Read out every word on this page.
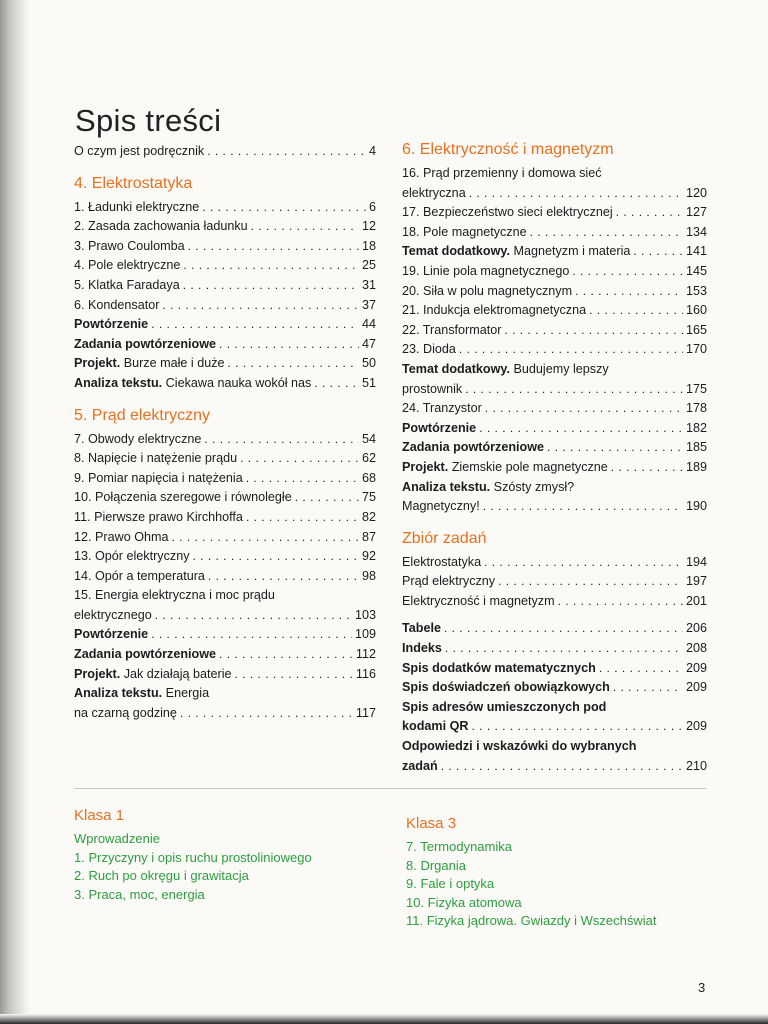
Spis treści
O czym jest podręcznik . . .	4
4. Elektrostatyka
1. Ładunki elektryczne . . .	6
2. Zasada zachowania ładunku . . .	12
3. Prawo Coulomba . . .	18
4. Pole elektryczne . . .	25
5. Klatka Faradaya . . .	31
6. Kondensator . . .	37
Powtórzenie . . .	44
Zadania powtórzeniowe . . .	47
Projekt. Burze małe i duże . . .	50
Analiza tekstu. Ciekawa nauka wokół nas . . .	51
5. Prąd elektryczny
7. Obwody elektryczne . . .	54
8. Napięcie i natężenie prądu . . .	62
9. Pomiar napięcia i natężenia . . .	68
10. Połączenia szeregowe i równoległe . . .	75
11. Pierwsze prawo Kirchhoffa . . .	82
12. Prawo Ohma . . .	87
13. Opór elektryczny . . .	92
14. Opór a temperatura . . .	98
15. Energia elektryczna i moc prądu
elektrycznego . . .	103
Powtórzenie . . .	109
Zadania powtórzeniowe . . .	112
Projekt. Jak działają baterie . . .	116
Analiza tekstu. Energia
na czarną godzinę . . .	117
6. Elektryczność i magnetyzm
16. Prąd przemienny i domowa sieć
elektryczna . . .	120
17. Bezpieczeństwo sieci elektrycznej . . .	127
18. Pole magnetyczne . . .	134
Temat dodatkowy. Magnetyzm i materia . . .	141
19. Linie pola magnetycznego . . .	145
20. Siła w polu magnetycznym . . .	153
21. Indukcja elektromagnetyczna . . .	160
22. Transformator . . .	165
23. Dioda . . .	170
Temat dodatkowy. Budujemy lepszy
prostownik . . .	175
24. Tranzystor . . .	178
Powtórzenie . . .	182
Zadania powtórzeniowe . . .	185
Projekt. Ziemskie pole magnetyczne . . .	189
Analiza tekstu. Szósty zmysł?
Magnetyczny! . . .	190
Zbiór zadań
Elektrostatyka . . .	194
Prąd elektryczny . . .	197
Elektryczność i magnetyzm . . .	201
Tabele . . .	206
Indeks . . .	208
Spis dodatków matematycznych . . .	209
Spis doświadczeń obowiązkowych . . .	209
Spis adresów umieszczonych pod
kodami QR . . .	209
Odpowiedzi i wskazówki do wybranych
zadań . . .	210
Klasa 1
Wprowadzenie
1. Przyczyny i opis ruchu prostoliniowego
2. Ruch po okręgu i grawitacja
3. Praca, moc, energia
Klasa 3
7. Termodynamika
8. Drgania
9. Fale i optyka
10. Fizyka atomowa
11. Fizyka jądrowa. Gwiazdy i Wszechświat
3
